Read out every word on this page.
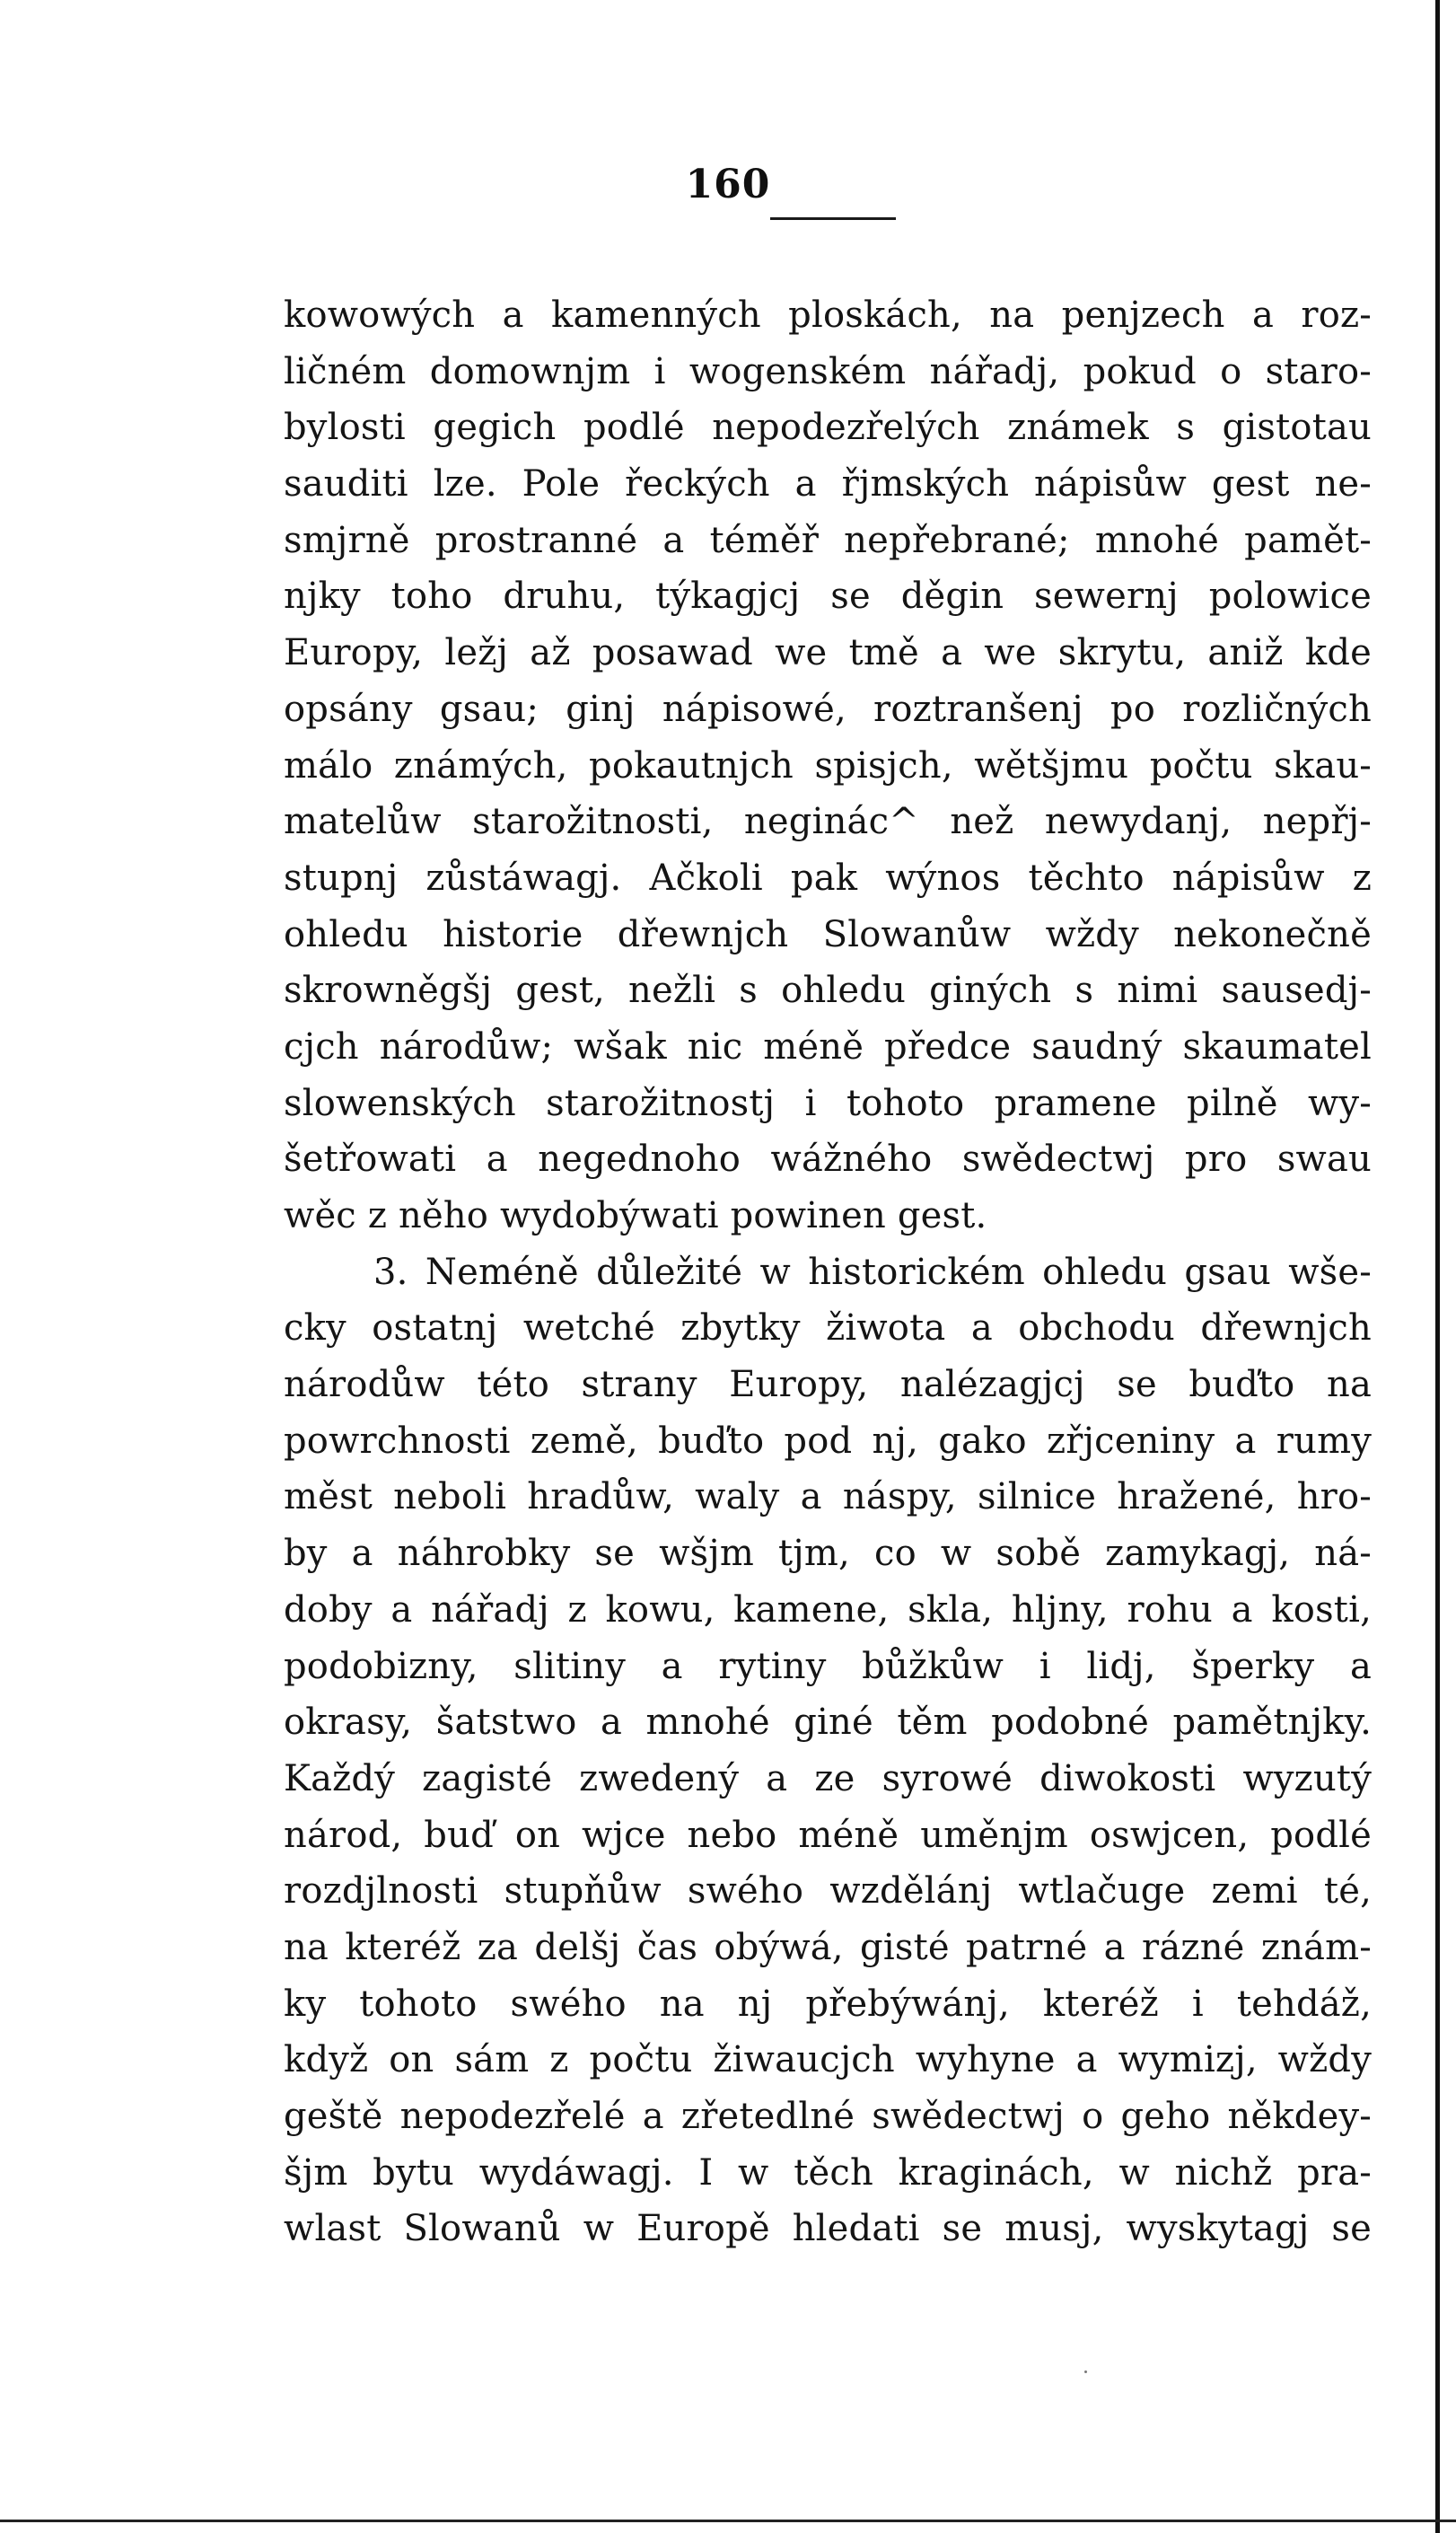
160
kowowých a kamenných ploskách, na penjzech a roz-
ličném domownjm i wogenském nářadj, pokud o staro-
bylosti gegich podlé nepodezřelých známek s gistotau
sauditi lze. Pole řeckých a řjmských nápisůw gest ne-
smjrně prostranné a téměř nepřebrané; mnohé pamět-
njky toho druhu, týkagjcj se děgin sewernj polowice
Europy, ležj až posawad we tmě a we skrytu, aniž kde
opsány gsau; ginj nápisowé, roztranšenj po rozličných
málo známých, pokautnjch spisjch, wětšjmu počtu skau-
matelůw starožitnosti, neginác^ než newydanj, nepřj-
stupnj zůstáwagj. Ačkoli pak wýnos těchto nápisůw z
ohledu historie dřewnjch Slowanůw wždy nekonečně
skrowněgšj gest, nežli s ohledu giných s nimi sausedj-
cjch národůw; wšak nic méně předce saudný skaumatel
slowenských starožitnostj i tohoto pramene pilně wy-
šetřowati a negednoho wážného swědectwj pro swau
wěc z něho wydobýwati powinen gest.
3. Neméně důležité w historickém ohledu gsau wše-
cky ostatnj wetché zbytky žiwota a obchodu dřewnjch
národůw této strany Europy, nalézagjcj se buďto na
powrchnosti země, buďto pod nj, gako zřjceniny a rumy
měst neboli hradůw, waly a náspy, silnice hražené, hro-
by a náhrobky se wšjm tjm, co w sobě zamykagj, ná-
doby a nářadj z kowu, kamene, skla, hljny, rohu a kosti,
podobizny, slitiny a rytiny bůžkůw i lidj, šperky a
okrasy, šatstwo a mnohé giné těm podobné pamětnjky.
Každý zagisté zwedený a ze syrowé diwokosti wyzutý
národ, buď on wjce nebo méně uměnjm oswjcen, podlé
rozdjlnosti stupňůw swého wzdělánj wtlačuge zemi té,
na kteréž za delšj čas obýwá, gisté patrné a rázné znám-
ky tohoto swého na nj přebýwánj, kteréž i tehdáž,
když on sám z počtu žiwaucjch wyhyne a wymizj, wždy
geště nepodezřelé a zřetedlné swědectwj o geho někdey-
šjm bytu wydáwagj. I w těch kraginách, w nichž pra-
wlast Slowanů w Europě hledati se musj, wyskytagj se
